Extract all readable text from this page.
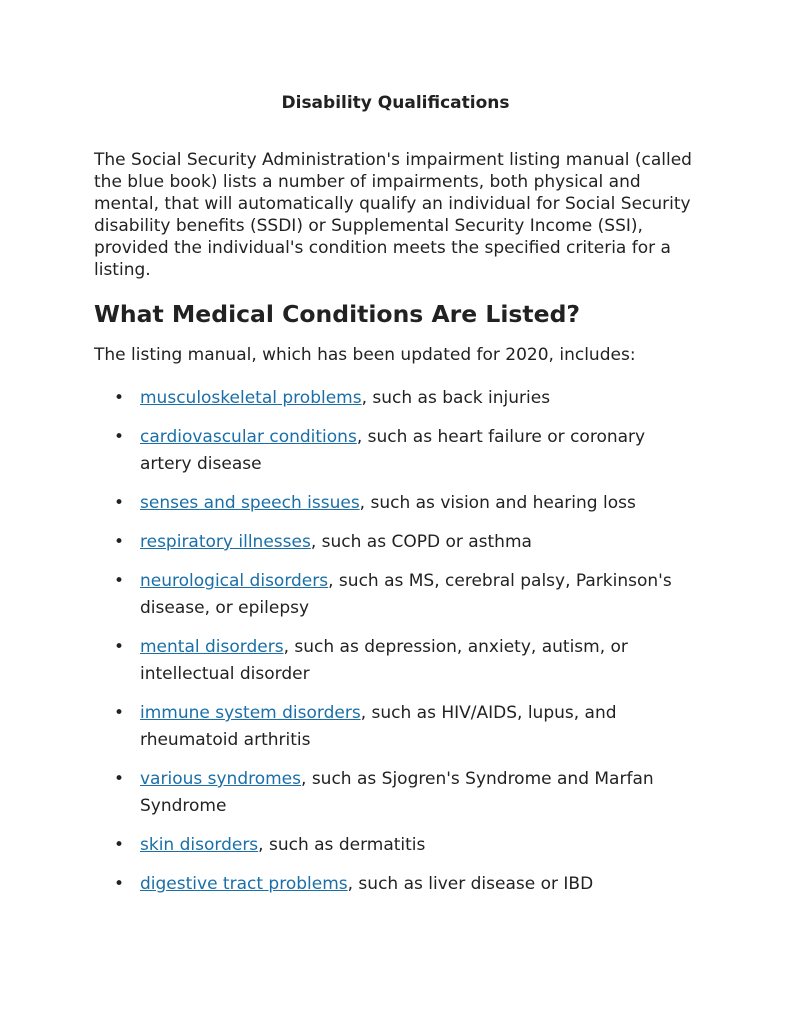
Disability Qualifications

The Social Security Administration's impairment listing manual (called the blue book) lists a number of impairments, both physical and mental, that will automatically qualify an individual for Social Security disability benefits (SSDI) or Supplemental Security Income (SSI), provided the individual's condition meets the specified criteria for a listing.

What Medical Conditions Are Listed?

The listing manual, which has been updated for 2020, includes:

• musculoskeletal problems, such as back injuries
• cardiovascular conditions, such as heart failure or coronary artery disease
• senses and speech issues, such as vision and hearing loss
• respiratory illnesses, such as COPD or asthma
• neurological disorders, such as MS, cerebral palsy, Parkinson's disease, or epilepsy
• mental disorders, such as depression, anxiety, autism, or intellectual disorder
• immune system disorders, such as HIV/AIDS, lupus, and rheumatoid arthritis
• various syndromes, such as Sjogren's Syndrome and Marfan Syndrome
• skin disorders, such as dermatitis
• digestive tract problems, such as liver disease or IBD
